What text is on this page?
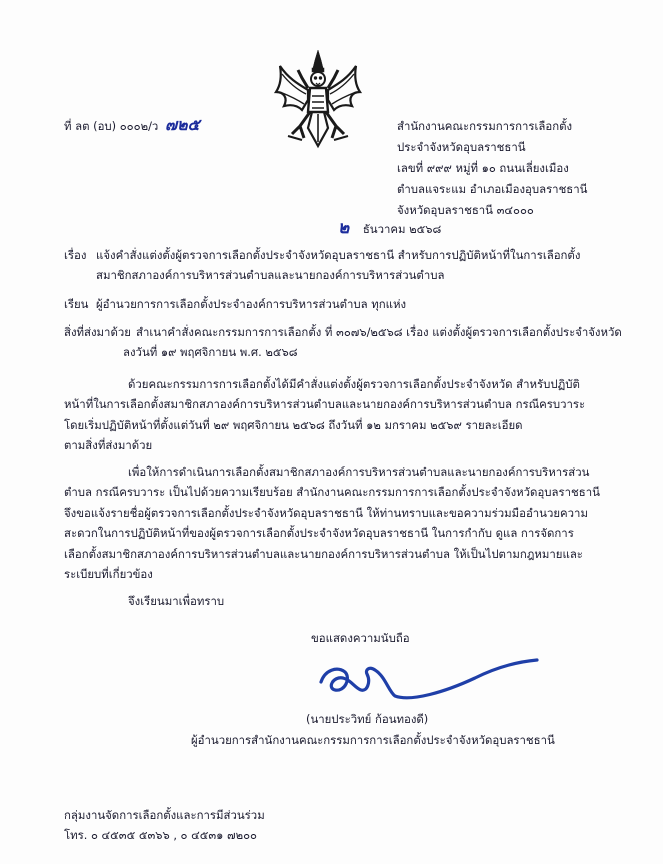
ที่ ลต (อบ) ๐๐๐๒/ว ๗๒๕	สำนักงานคณะกรรมการการเลือกตั้ง
ประจำจังหวัดอุบลราชธานี
เลขที่ ๙๙๙ หมู่ที่ ๑๐ ถนนเลี่ยงเมือง
ตำบลแจระแม อำเภอเมืองอุบลราชธานี
จังหวัดอุบลราชธานี ๓๔๐๐๐
๒ ธันวาคม ๒๕๖๘
เรื่อง แจ้งคำสั่งแต่งตั้งผู้ตรวจการเลือกตั้งประจำจังหวัดอุบลราชธานี สำหรับการปฏิบัติหน้าที่ในการเลือกตั้ง
สมาชิกสภาองค์การบริหารส่วนตำบลและนายกองค์การบริหารส่วนตำบล
เรียน ผู้อำนวยการการเลือกตั้งประจำองค์การบริหารส่วนตำบล ทุกแห่ง
สิ่งที่ส่งมาด้วย สำเนาคำสั่งคณะกรรมการการเลือกตั้ง ที่ ๓๐๗๖/๒๕๖๘ เรื่อง แต่งตั้งผู้ตรวจการเลือกตั้งประจำจังหวัด
ลงวันที่ ๑๙ พฤศจิกายน พ.ศ. ๒๕๖๘
ด้วยคณะกรรมการการเลือกตั้งได้มีคำสั่งแต่งตั้งผู้ตรวจการเลือกตั้งประจำจังหวัด สำหรับปฏิบัติ
หน้าที่ในการเลือกตั้งสมาชิกสภาองค์การบริหารส่วนตำบลและนายกองค์การบริหารส่วนตำบล กรณีครบวาระ
โดยเริ่มปฏิบัติหน้าที่ตั้งแต่วันที่ ๒๙ พฤศจิกายน ๒๕๖๘ ถึงวันที่ ๑๒ มกราคม ๒๕๖๙ รายละเอียด
ตามสิ่งที่ส่งมาด้วย
เพื่อให้การดำเนินการเลือกตั้งสมาชิกสภาองค์การบริหารส่วนตำบลและนายกองค์การบริหารส่วน
ตำบล กรณีครบวาระ เป็นไปด้วยความเรียบร้อย สำนักงานคณะกรรมการการเลือกตั้งประจำจังหวัดอุบลราชธานี
จึงขอแจ้งรายชื่อผู้ตรวจการเลือกตั้งประจำจังหวัดอุบลราชธานี ให้ท่านทราบและขอความร่วมมืออำนวยความ
สะดวกในการปฏิบัติหน้าที่ของผู้ตรวจการเลือกตั้งประจำจังหวัดอุบลราชธานี ในการกำกับ ดูแล การจัดการ
เลือกตั้งสมาชิกสภาองค์การบริหารส่วนตำบลและนายกองค์การบริหารส่วนตำบล ให้เป็นไปตามกฎหมายและ
ระเบียบที่เกี่ยวข้อง
จึงเรียนมาเพื่อทราบ
ขอแสดงความนับถือ
(นายประวิทย์ ก้อนทองดี)
ผู้อำนวยการสำนักงานคณะกรรมการการเลือกตั้งประจำจังหวัดอุบลราชธานี
กลุ่มงานจัดการเลือกตั้งและการมีส่วนร่วม
โทร. ๐ ๔๕๓๕ ๕๓๖๖ , ๐ ๔๕๓๑ ๗๒๐๐
